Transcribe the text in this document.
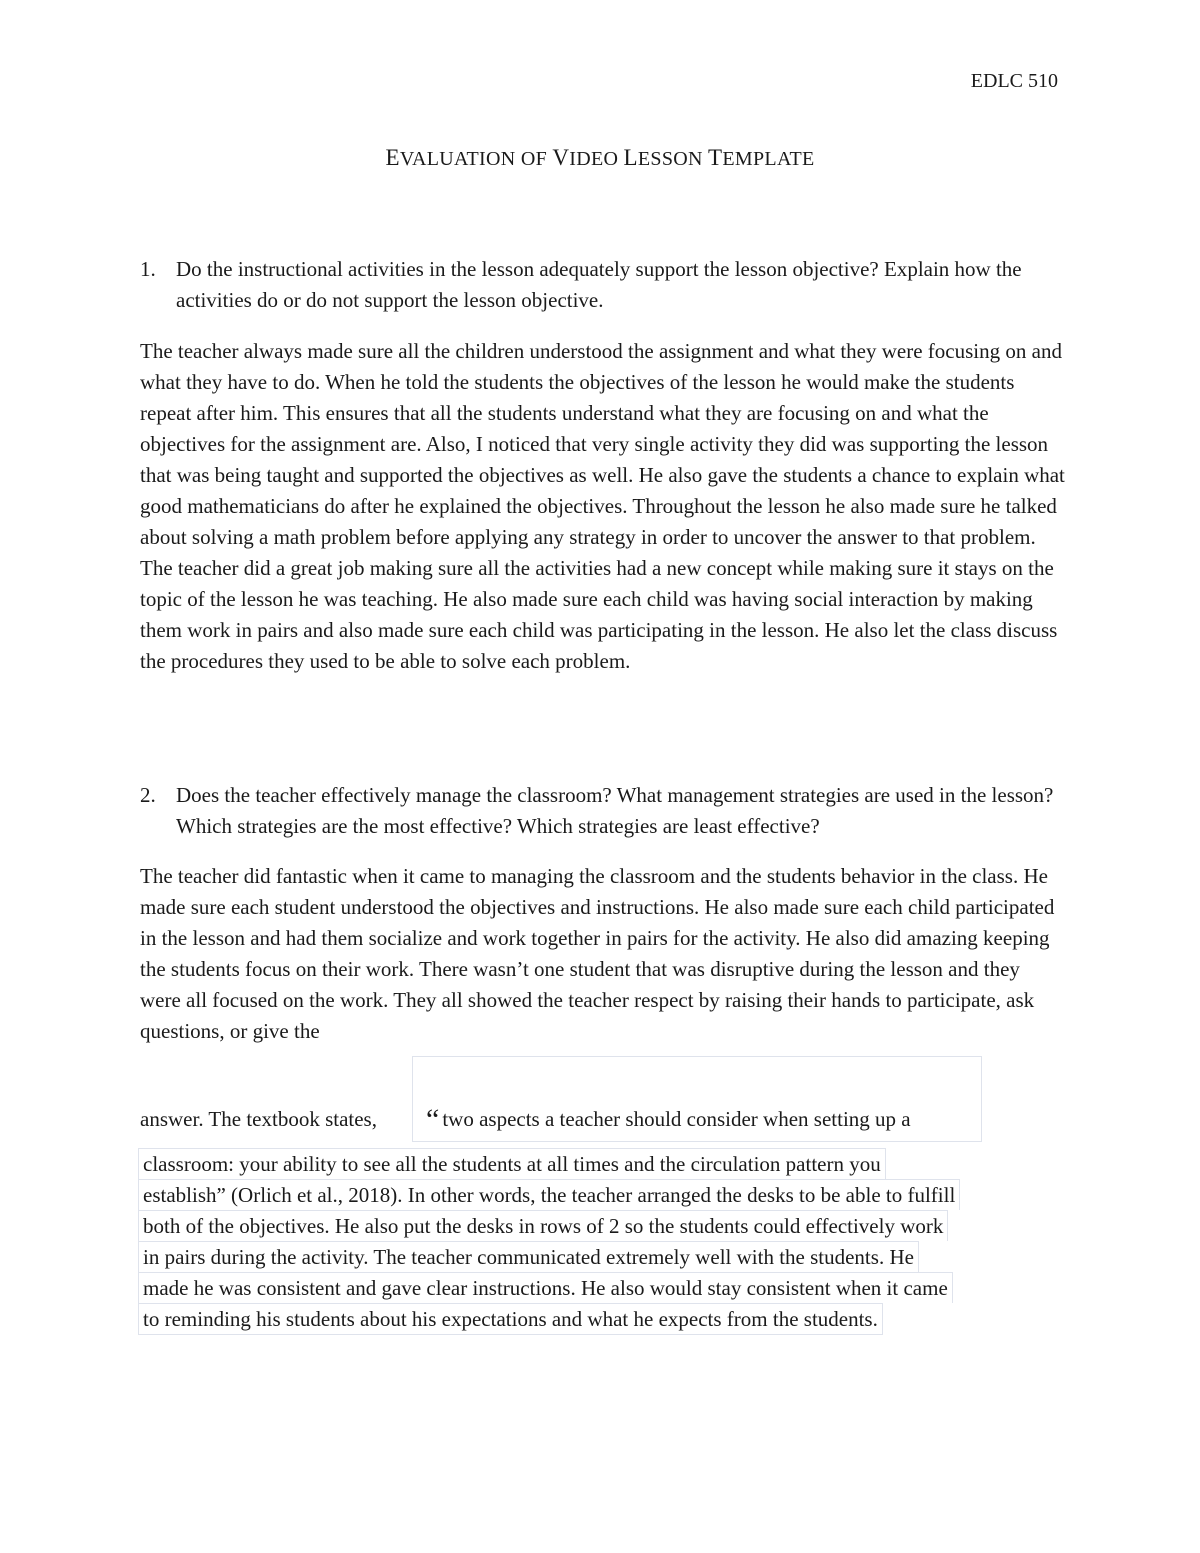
EDLC 510
EVALUATION OF VIDEO LESSON TEMPLATE
1. Do the instructional activities in the lesson adequately support the lesson objective? Explain how the activities do or do not support the lesson objective.

The teacher always made sure all the children understood the assignment and what they were focusing on and what they have to do. When he told the students the objectives of the lesson he would make the students repeat after him. This ensures that all the students understand what they are focusing on and what the objectives for the assignment are. Also, I noticed that very single activity they did was supporting the lesson that was being taught and supported the objectives as well. He also gave the students a chance to explain what good mathematicians do after he explained the objectives. Throughout the lesson he also made sure he talked about solving a math problem before applying any strategy in order to uncover the answer to that problem. The teacher did a great job making sure all the activities had a new concept while making sure it stays on the topic of the lesson he was teaching. He also made sure each child was having social interaction by making them work in pairs and also made sure each child was participating in the lesson. He also let the class discuss the procedures they used to be able to solve each problem.

2. Does the teacher effectively manage the classroom? What management strategies are used in the lesson? Which strategies are the most effective? Which strategies are least effective?

The teacher did fantastic when it came to managing the classroom and the students behavior in the class. He made sure each student understood the objectives and instructions. He also made sure each child participated in the lesson and had them socialize and work together in pairs for the activity. He also did amazing keeping the students focus on their work. There wasn’t one student that was disruptive during the lesson and they were all focused on the work. They all showed the teacher respect by raising their hands to participate, ask questions, or give the

answer. The textbook states, “ two aspects a teacher should consider when setting up a
classroom: your ability to see all the students at all times and the circulation pattern you
establish” (Orlich et al., 2018). In other words, the teacher arranged the desks to be able to fulfill
both of the objectives. He also put the desks in rows of 2 so the students could effectively work
in pairs during the activity. The teacher communicated extremely well with the students. He
made he was consistent and gave clear instructions. He also would stay consistent when it came
to reminding his students about his expectations and what he expects from the students.
